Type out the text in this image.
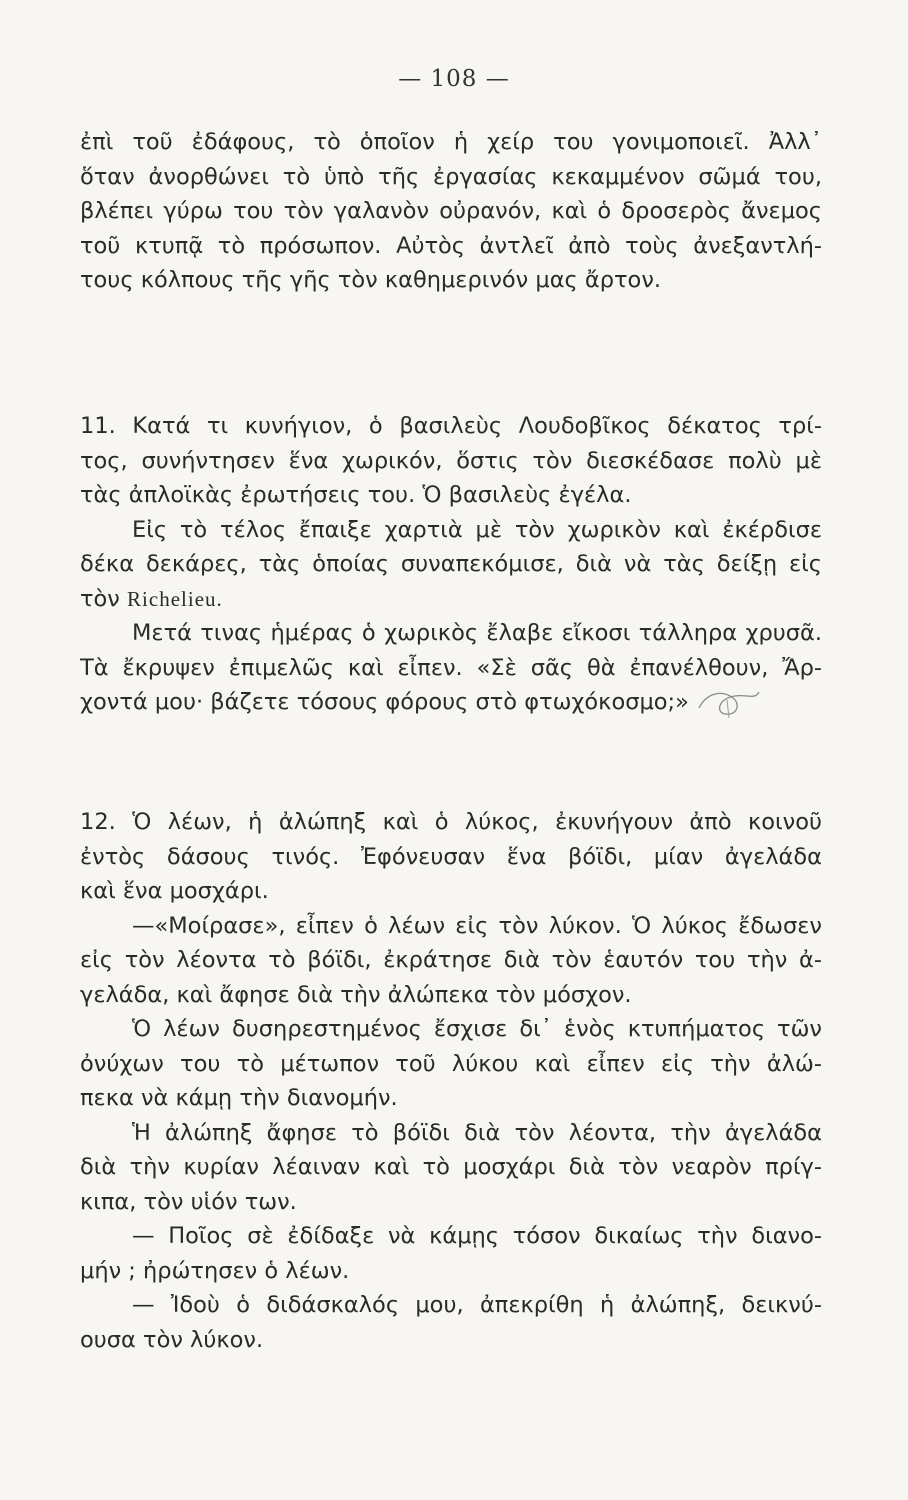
— 108 —
ἐπὶ τοῦ ἐδάφους, τὸ ὁποῖον ἡ χείρ του γονιμοποιεῖ. Ἀλλ᾽
ὅταν ἀνορθώνει τὸ ὑπὸ τῆς ἐργασίας κεκαμμένον σῶμά του,
βλέπει γύρω του τὸν γαλανὸν οὐρανόν, καὶ ὁ δροσερὸς ἄνεμος
τοῦ κτυπᾷ τὸ πρόσωπον. Αὐτὸς ἀντλεῖ ἀπὸ τοὺς ἀνεξαντλή-
τους κόλπους τῆς γῆς τὸν καθημερινόν μας ἄρτον.
11. Κατά τι κυνήγιον, ὁ βασιλεὺς Λουδοβῖκος δέκατος τρί-
τος, συνήντησεν ἕνα χωρικόν, ὅστις τὸν διεσκέδασε πολὺ μὲ
τὰς ἀπλοϊκὰς ἐρωτήσεις του. Ὁ βασιλεὺς ἐγέλα.
Εἰς τὸ τέλος ἔπαιξε χαρτιὰ μὲ τὸν χωρικὸν καὶ ἐκέρδισε
δέκα δεκάρες, τὰς ὁποίας συναπεκόμισε, διὰ νὰ τὰς δείξῃ εἰς
τὸν Richelieu.
Μετά τινας ἡμέρας ὁ χωρικὸς ἔλαβε εἴκοσι τάλληρα χρυσᾶ.
Τὰ ἔκρυψεν ἐπιμελῶς καὶ εἶπεν. «Σὲ σᾶς θὰ ἐπανέλθουν, Ἄρ-
χοντά μου· βάζετε τόσους φόρους στὸ φτωχόκοσμο;»
12. Ὁ λέων, ἡ ἀλώπηξ καὶ ὁ λύκος, ἐκυνήγουν ἀπὸ κοινοῦ
ἐντὸς δάσους τινός. Ἐφόνευσαν ἕνα βόϊδι, μίαν ἀγελάδα
καὶ ἕνα μοσχάρι.
—«Μοίρασε», εἶπεν ὁ λέων εἰς τὸν λύκον. Ὁ λύκος ἔδωσεν
εἰς τὸν λέοντα τὸ βόϊδι, ἐκράτησε διὰ τὸν ἑαυτόν του τὴν ἀ-
γελάδα, καὶ ἄφησε διὰ τὴν ἀλώπεκα τὸν μόσχον.
Ὁ λέων δυσηρεστημένος ἔσχισε δι᾽ ἑνὸς κτυπήματος τῶν
ὀνύχων του τὸ μέτωπον τοῦ λύκου καὶ εἶπεν εἰς τὴν ἀλώ-
πεκα νὰ κάμῃ τὴν διανομήν.
Ἡ ἀλώπηξ ἄφησε τὸ βόϊδι διὰ τὸν λέοντα, τὴν ἀγελάδα
διὰ τὴν κυρίαν λέαιναν καὶ τὸ μοσχάρι διὰ τὸν νεαρὸν πρίγ-
κιπα, τὸν υἱόν των.
— Ποῖος σὲ ἐδίδαξε νὰ κάμῃς τόσον δικαίως τὴν διανο-
μήν ; ἠρώτησεν ὁ λέων.
— Ἰδοὺ ὁ διδάσκαλός μου, ἀπεκρίθη ἡ ἀλώπηξ, δεικνύ-
ουσα τὸν λύκον.
